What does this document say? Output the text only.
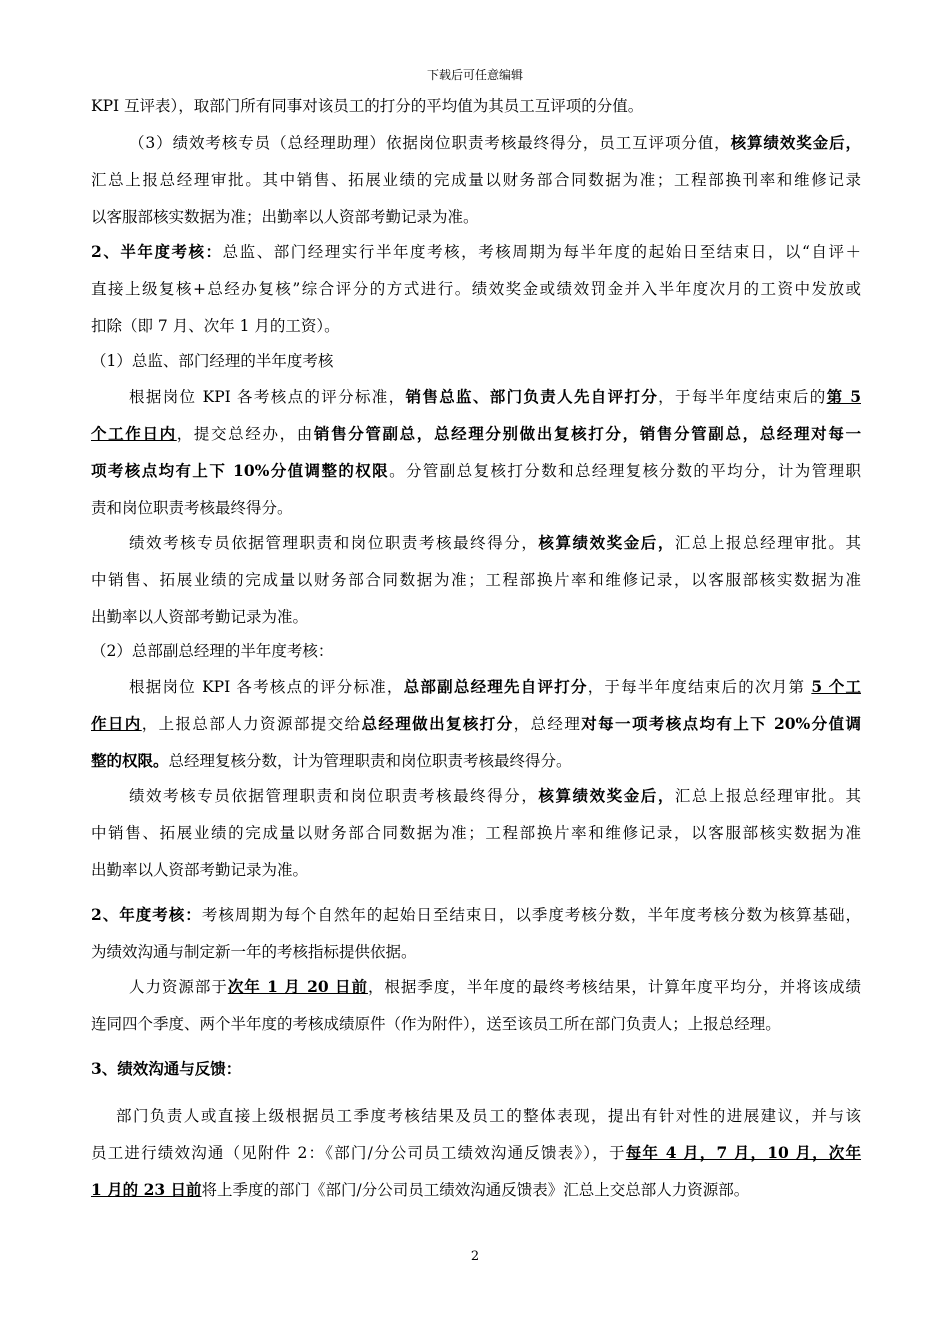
下载后可任意编辑
KPI 互评表），取部门所有同事对该员工的打分的平均值为其员工互评项的分值。
（3）绩效考核专员（总经理助理）依据岗位职责考核最终得分，员工互评项分值，核算绩效奖金后，
汇总上报总经理审批。其中销售、拓展业绩的完成量以财务部合同数据为准；工程部换刊率和维修记录
以客服部核实数据为准；出勤率以人资部考勤记录为准。
2、半年度考核：总监、部门经理实行半年度考核，考核周期为每半年度的起始日至结束日，以“自评＋
直接上级复核+总经办复核”综合评分的方式进行。绩效奖金或绩效罚金并入半年度次月的工资中发放或
扣除（即 7 月、次年 1 月的工资）。
（1）总监、部门经理的半年度考核
根据岗位 KPI 各考核点的评分标准，销售总监、部门负责人先自评打分，于每半年度结束后的第 5
个工作日内，提交总经办，由销售分管副总，总经理分别做出复核打分，销售分管副总，总经理对每一
项考核点均有上下 10%分值调整的权限。分管副总复核打分数和总经理复核分数的平均分，计为管理职
责和岗位职责考核最终得分。
绩效考核专员依据管理职责和岗位职责考核最终得分，核算绩效奖金后，汇总上报总经理审批。其
中销售、拓展业绩的完成量以财务部合同数据为准；工程部换片率和维修记录，以客服部核实数据为准
出勤率以人资部考勤记录为准。
（2）总部副总经理的半年度考核：
根据岗位 KPI 各考核点的评分标准，总部副总经理先自评打分，于每半年度结束后的次月第 5 个工
作日内，上报总部人力资源部提交给总经理做出复核打分，总经理对每一项考核点均有上下 20%分值调
整的权限。总经理复核分数，计为管理职责和岗位职责考核最终得分。
绩效考核专员依据管理职责和岗位职责考核最终得分，核算绩效奖金后，汇总上报总经理审批。其
中销售、拓展业绩的完成量以财务部合同数据为准；工程部换片率和维修记录，以客服部核实数据为准
出勤率以人资部考勤记录为准。
2、年度考核：考核周期为每个自然年的起始日至结束日，以季度考核分数，半年度考核分数为核算基础，
为绩效沟通与制定新一年的考核指标提供依据。
人力资源部于次年 1 月 20 日前，根据季度，半年度的最终考核结果，计算年度平均分，并将该成绩
连同四个季度、两个半年度的考核成绩原件（作为附件），送至该员工所在部门负责人；上报总经理。
3、绩效沟通与反馈：
部门负责人或直接上级根据员工季度考核结果及员工的整体表现，提出有针对性的进展建议，并与该
员工进行绩效沟通（见附件 2：《部门/分公司员工绩效沟通反馈表》），于每年 4 月，7 月，10 月，次年
1 月的 23 日前将上季度的部门《部门/分公司员工绩效沟通反馈表》汇总上交总部人力资源部。
2
